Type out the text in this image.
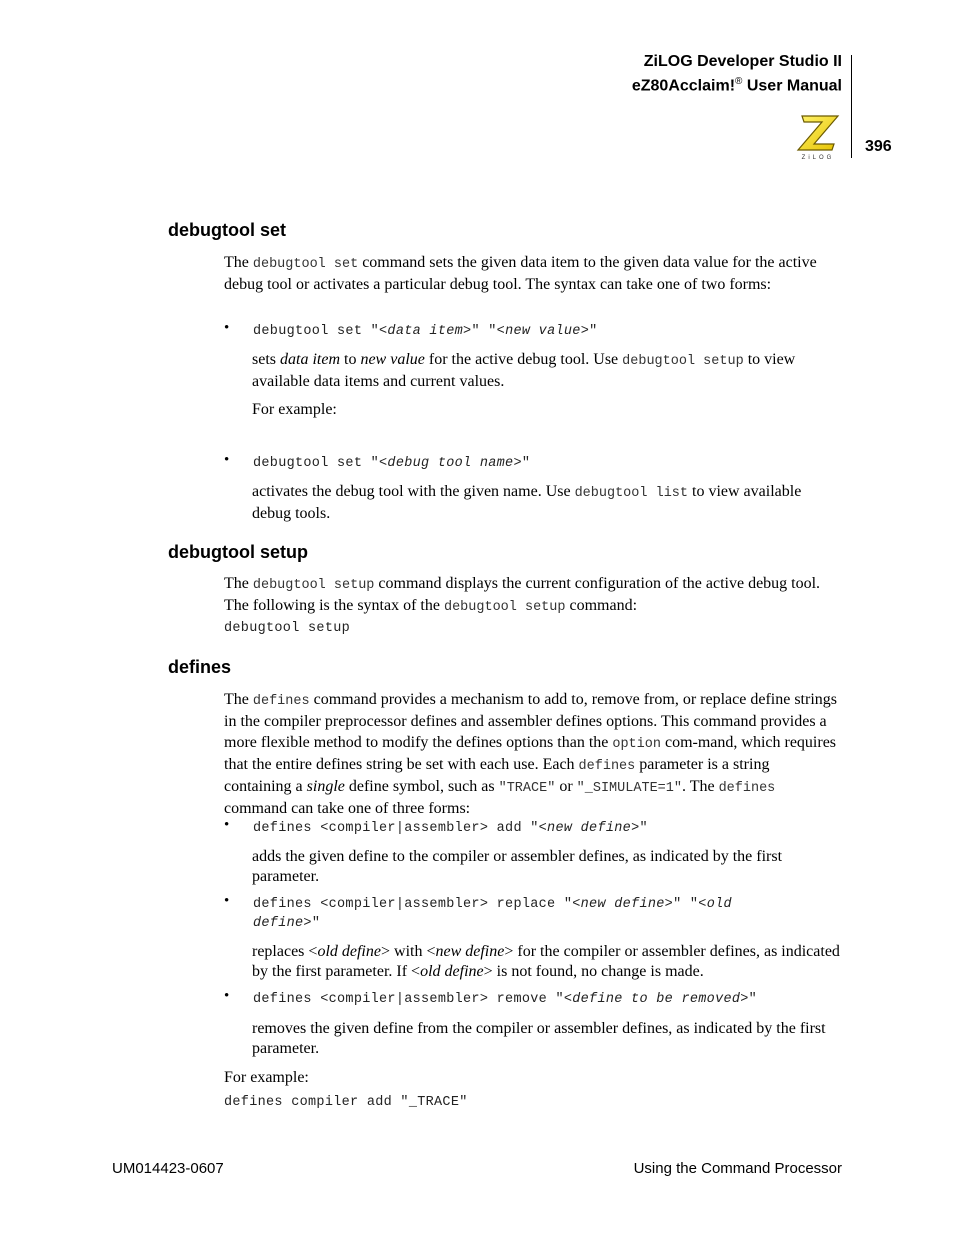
ZiLOG Developer Studio II
eZ80Acclaim!® User Manual
396
ZiLOG
debugtool set
The debugtool set command sets the given data item to the given data value for the active debug tool or activates a particular debug tool. The syntax can take one of two forms:
• debugtool set "<data item>" "<new value>"
sets data item to new value for the active debug tool. Use debugtool setup to view available data items and current values.
For example:
• debugtool set "<debug tool name>"
activates the debug tool with the given name. Use debugtool list to view available debug tools.
debugtool setup
The debugtool setup command displays the current configuration of the active debug tool. The following is the syntax of the debugtool setup command:
debugtool setup
defines
The defines command provides a mechanism to add to, remove from, or replace define strings in the compiler preprocessor defines and assembler defines options. This command provides a more flexible method to modify the defines options than the option com-mand, which requires that the entire defines string be set with each use. Each defines parameter is a string containing a single define symbol, such as "TRACE" or "_SIMULATE=1". The defines command can take one of three forms:
• defines <compiler|assembler> add "<new define>"
adds the given define to the compiler or assembler defines, as indicated by the first parameter.
• defines <compiler|assembler> replace "<new define>" "<old
define>"
replaces <old define> with <new define> for the compiler or assembler defines, as indicated by the first parameter. If <old define> is not found, no change is made.
• defines <compiler|assembler> remove "<define to be removed>"
removes the given define from the compiler or assembler defines, as indicated by the first parameter.
For example:
defines compiler add "_TRACE"
UM014423-0607	Using the Command Processor
